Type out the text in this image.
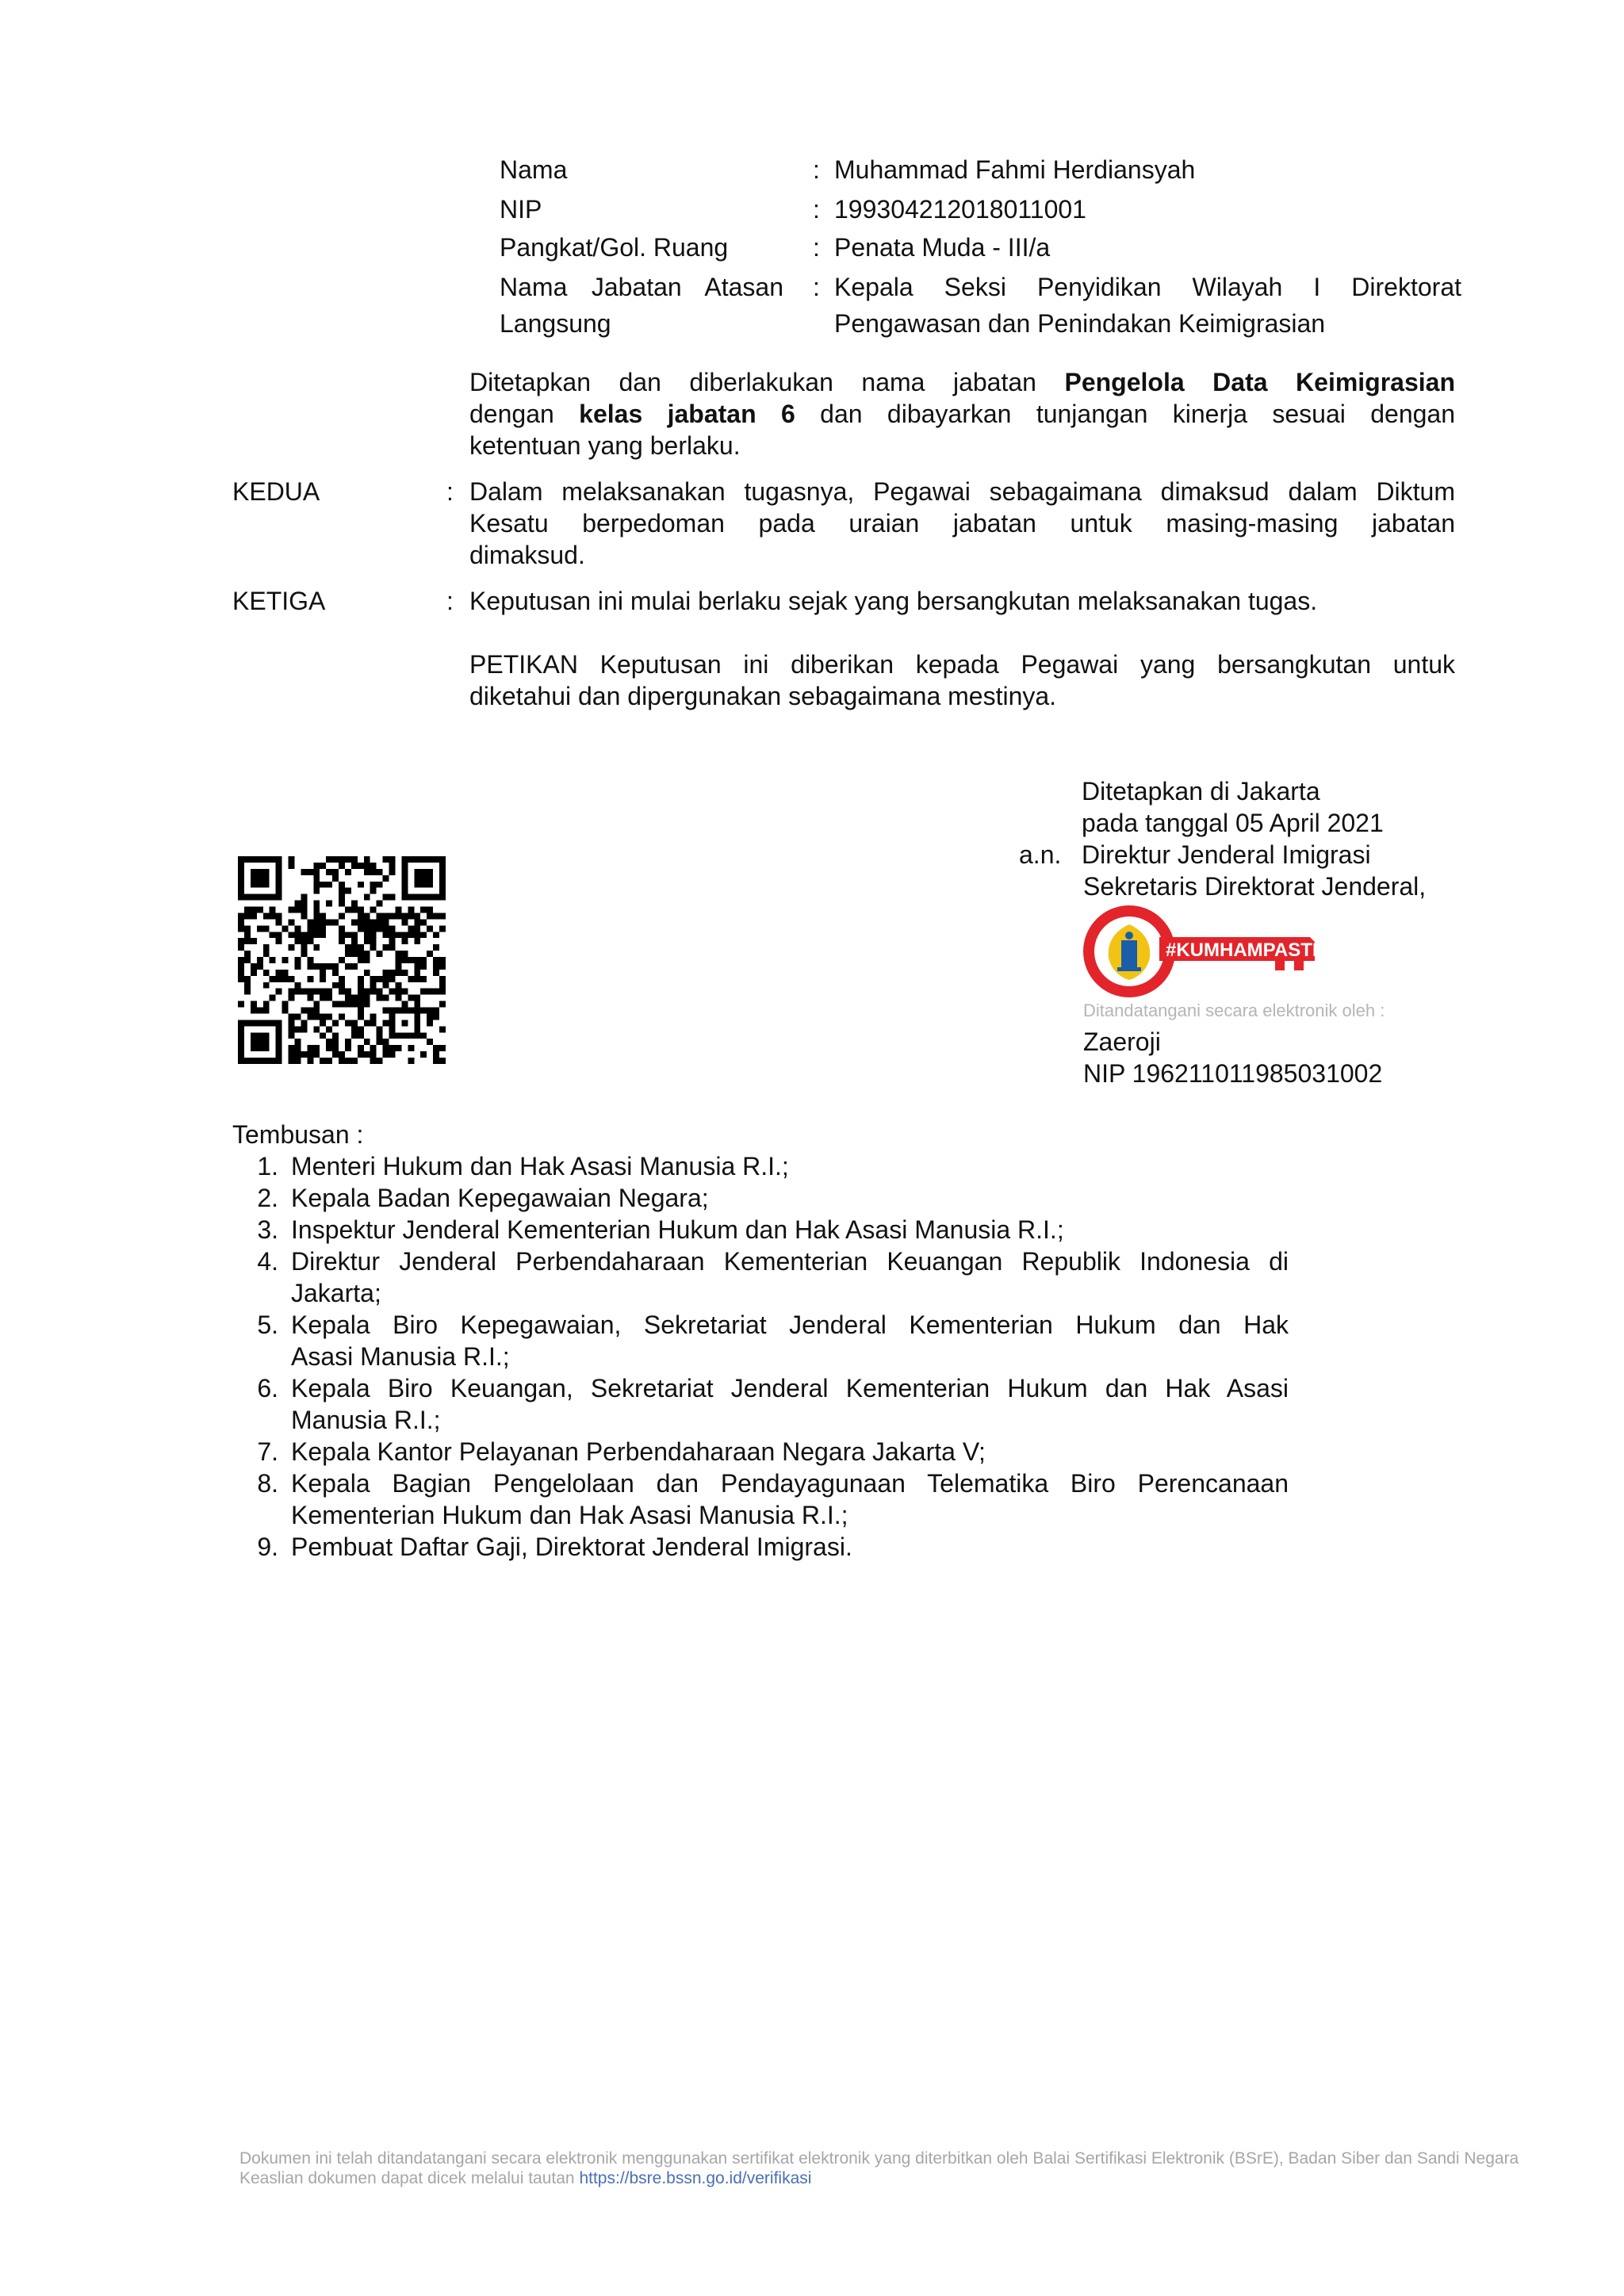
Nama	: Muhammad Fahmi Herdiansyah
NIP	: 199304212018011001
Pangkat/Gol. Ruang	: Penata Muda - III/a
Nama Jabatan Atasan
Langsung
: Kepala Seksi Penyidikan Wilayah I Direktorat
Pengawasan dan Penindakan Keimigrasian
Ditetapkan dan diberlakukan nama jabatan Pengelola Data Keimigrasian
dengan kelas jabatan 6 dan dibayarkan tunjangan kinerja sesuai dengan
ketentuan yang berlaku.
KEDUA	: Dalam melaksanakan tugasnya, Pegawai sebagaimana dimaksud dalam Diktum
Kesatu berpedoman pada uraian jabatan untuk masing-masing jabatan
dimaksud.
KETIGA	: Keputusan ini mulai berlaku sejak yang bersangkutan melaksanakan tugas.
PETIKAN Keputusan ini diberikan kepada Pegawai yang bersangkutan untuk
diketahui dan dipergunakan sebagaimana mestinya.
Ditetapkan di Jakarta
pada tanggal 05 April 2021
a.n. Direktur Jenderal Imigrasi
Sekretaris Direktorat Jenderal,
#KUMHAMPASTI
Ditandatangani secara elektronik oleh :
Zaeroji
NIP 196211011985031002
Tembusan :
1. Menteri Hukum dan Hak Asasi Manusia R.I.;
2. Kepala Badan Kepegawaian Negara;
3. Inspektur Jenderal Kementerian Hukum dan Hak Asasi Manusia R.I.;
4. Direktur Jenderal Perbendaharaan Kementerian Keuangan Republik Indonesia di
Jakarta;
5. Kepala Biro Kepegawaian, Sekretariat Jenderal Kementerian Hukum dan Hak
Asasi Manusia R.I.;
6. Kepala Biro Keuangan, Sekretariat Jenderal Kementerian Hukum dan Hak Asasi
Manusia R.I.;
7. Kepala Kantor Pelayanan Perbendaharaan Negara Jakarta V;
8. Kepala Bagian Pengelolaan dan Pendayagunaan Telematika Biro Perencanaan
Kementerian Hukum dan Hak Asasi Manusia R.I.;
9. Pembuat Daftar Gaji, Direktorat Jenderal Imigrasi.
Dokumen ini telah ditandatangani secara elektronik menggunakan sertifikat elektronik yang diterbitkan oleh Balai Sertifikasi Elektronik (BSrE), Badan Siber dan Sandi Negara
Keaslian dokumen dapat dicek melalui tautan https://bsre.bssn.go.id/verifikasi
